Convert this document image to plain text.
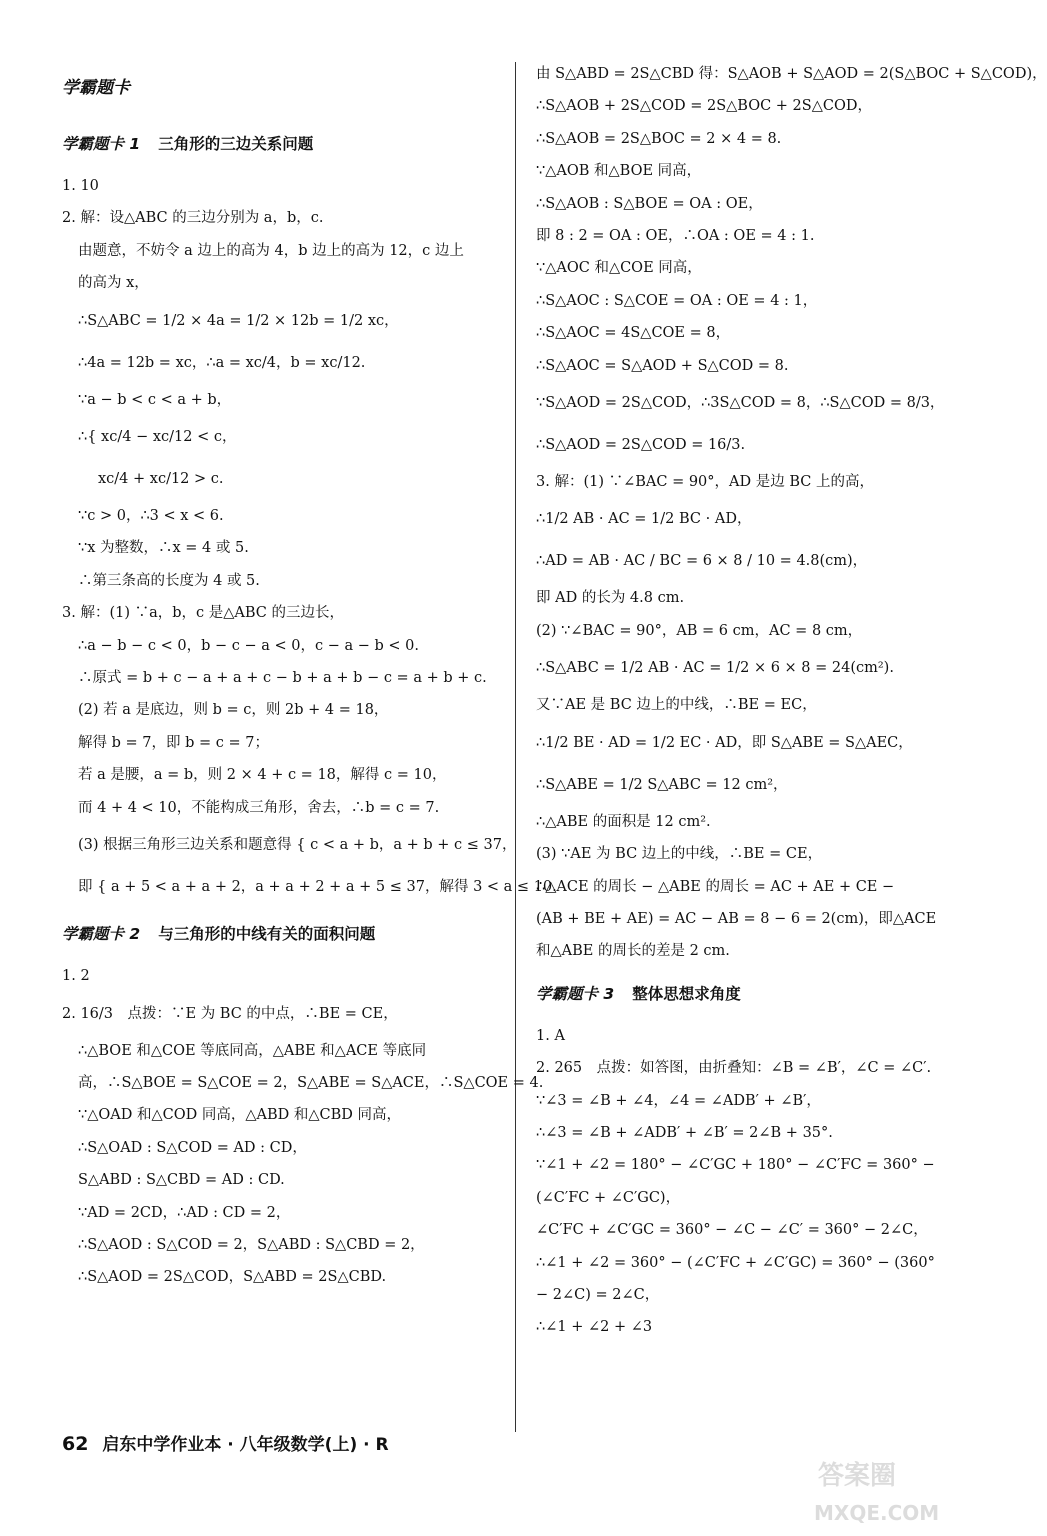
学霸题卡
学霸题卡 1 三角形的三边关系问题
1. 10
2. 解：设△ABC 的三边分别为 a，b，c.
由题意，不妨令 a 边上的高为 4，b 边上的高为 12，c 边上
的高为 x，
∴S△ABC = 1/2 × 4a = 1/2 × 12b = 1/2 xc，
∴4a = 12b = xc，∴a = xc/4，b = xc/12.
∵a − b < c < a + b，
∴{ xc/4 − xc/12 < c，
xc/4 + xc/12 > c.
∵c > 0，∴3 < x < 6.
∵x 为整数，∴x = 4 或 5.
∴第三条高的长度为 4 或 5.
3. 解：(1) ∵a，b，c 是△ABC 的三边长，
∴a − b − c < 0，b − c − a < 0，c − a − b < 0.
∴原式 = b + c − a + a + c − b + a + b − c = a + b + c.
(2) 若 a 是底边，则 b = c，则 2b + 4 = 18，
解得 b = 7，即 b = c = 7；
若 a 是腰，a = b，则 2 × 4 + c = 18，解得 c = 10，
而 4 + 4 < 10，不能构成三角形，舍去，∴b = c = 7.
(3) 根据三角形三边关系和题意得 { c < a + b，a + b + c ≤ 37，
即 { a + 5 < a + a + 2，a + a + 2 + a + 5 ≤ 37，解得 3 < a ≤ 10.
学霸题卡 2 与三角形的中线有关的面积问题
1. 2
2. 16/3　点拨：∵E 为 BC 的中点，∴BE = CE，
∴△BOE 和△COE 等底同高，△ABE 和△ACE 等底同
高，∴S△BOE = S△COE = 2，S△ABE = S△ACE，∴S△COE = 4.
∵△OAD 和△COD 同高，△ABD 和△CBD 同高，
∴S△OAD : S△COD = AD : CD，
S△ABD : S△CBD = AD : CD.
∵AD = 2CD，∴AD : CD = 2，
∴S△AOD : S△COD = 2，S△ABD : S△CBD = 2，
∴S△AOD = 2S△COD，S△ABD = 2S△CBD.
由 S△ABD = 2S△CBD 得：S△AOB + S△AOD = 2(S△BOC + S△COD)，
∴S△AOB + 2S△COD = 2S△BOC + 2S△COD，
∴S△AOB = 2S△BOC = 2 × 4 = 8.
∵△AOB 和△BOE 同高，
∴S△AOB : S△BOE = OA : OE，
即 8 : 2 = OA : OE，∴OA : OE = 4 : 1.
∵△AOC 和△COE 同高，
∴S△AOC : S△COE = OA : OE = 4 : 1，
∴S△AOC = 4S△COE = 8，
∴S△AOC = S△AOD + S△COD = 8.
∵S△AOD = 2S△COD，∴3S△COD = 8，∴S△COD = 8/3，
∴S△AOD = 2S△COD = 16/3.
3. 解：(1) ∵∠BAC = 90°，AD 是边 BC 上的高，
∴1/2 AB · AC = 1/2 BC · AD，
∴AD = AB · AC / BC = 6 × 8 / 10 = 4.8(cm)，
即 AD 的长为 4.8 cm.
(2) ∵∠BAC = 90°，AB = 6 cm，AC = 8 cm，
∴S△ABC = 1/2 AB · AC = 1/2 × 6 × 8 = 24(cm²).
又∵AE 是 BC 边上的中线，∴BE = EC，
∴1/2 BE · AD = 1/2 EC · AD，即 S△ABE = S△AEC，
∴S△ABE = 1/2 S△ABC = 12 cm²，
∴△ABE 的面积是 12 cm².
(3) ∵AE 为 BC 边上的中线，∴BE = CE，
∴△ACE 的周长 − △ABE 的周长 = AC + AE + CE −
(AB + BE + AE) = AC − AB = 8 − 6 = 2(cm)，即△ACE
和△ABE 的周长的差是 2 cm.
学霸题卡 3 整体思想求角度
1. A
2. 265　点拨：如答图，由折叠知：∠B = ∠B′，∠C = ∠C′.
∵∠3 = ∠B + ∠4，∠4 = ∠ADB′ + ∠B′，
∴∠3 = ∠B + ∠ADB′ + ∠B′ = 2∠B + 35°.
∵∠1 + ∠2 = 180° − ∠C′GC + 180° − ∠C′FC = 360° −
(∠C′FC + ∠C′GC)，
∠C′FC + ∠C′GC = 360° − ∠C − ∠C′ = 360° − 2∠C，
∴∠1 + ∠2 = 360° − (∠C′FC + ∠C′GC) = 360° − (360°
− 2∠C) = 2∠C，
∴∠1 + ∠2 + ∠3
62 启东中学作业本 · 八年级数学(上) · R
答案圈
MXQE.COM
